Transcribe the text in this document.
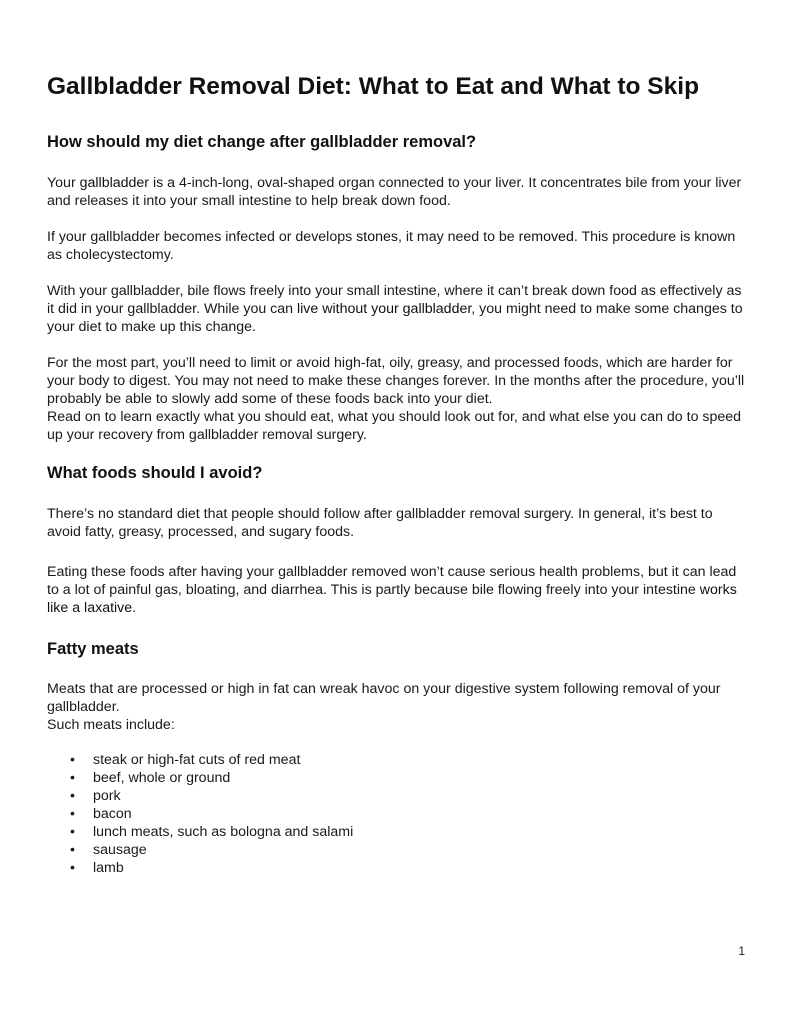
Gallbladder Removal Diet: What to Eat and What to Skip
How should my diet change after gallbladder removal?

Your gallbladder is a 4-inch-long, oval-shaped organ connected to your liver. It concentrates bile from your liver and releases it into your small intestine to help break down food.

If your gallbladder becomes infected or develops stones, it may need to be removed. This procedure is known as cholecystectomy.

With your gallbladder, bile flows freely into your small intestine, where it can’t break down food as effectively as it did in your gallbladder. While you can live without your gallbladder, you might need to make some changes to your diet to make up this change.

For the most part, you’ll need to limit or avoid high-fat, oily, greasy, and processed foods, which are harder for your body to digest. You may not need to make these changes forever. In the months after the procedure, you’ll probably be able to slowly add some of these foods back into your diet.

Read on to learn exactly what you should eat, what you should look out for, and what else you can do to speed up your recovery from gallbladder removal surgery.

What foods should I avoid?

There’s no standard diet that people should follow after gallbladder removal surgery. In general, it’s best to avoid fatty, greasy, processed, and sugary foods.

Eating these foods after having your gallbladder removed won’t cause serious health problems, but it can lead to a lot of painful gas, bloating, and diarrhea. This is partly because bile flowing freely into your intestine works like a laxative.

Fatty meats

Meats that are processed or high in fat can wreak havoc on your digestive system following removal of your gallbladder.

Such meats include:

• steak or high-fat cuts of red meat
• beef, whole or ground
• pork
• bacon
• lunch meats, such as bologna and salami
• sausage
• lamb
1
